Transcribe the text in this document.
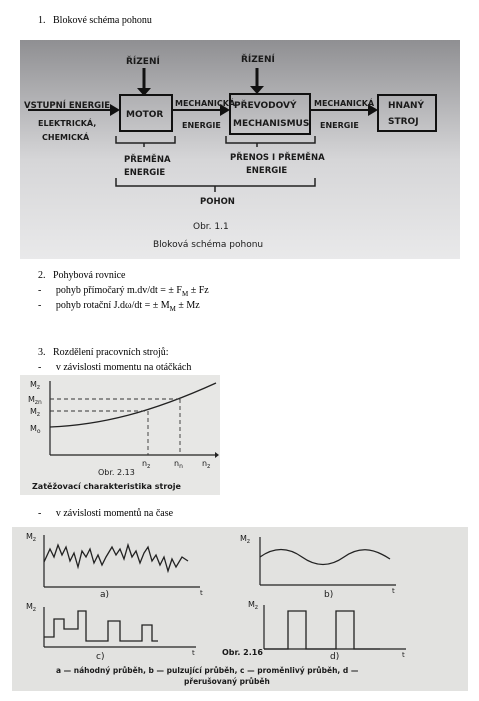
1.   Blokové schéma pohonu
VSTUPNÍ ENERGIE
ELEKTRICKÁ,
CHEMICKÁ
ŘÍZENÍ	ŘÍZENÍ
MOTOR
MECHANICKÁ
ENERGIE
PŘEVODOVÝ
MECHANISMUS
MECHANICKÁ
ENERGIE
HNANÝ
STROJ
PŘEMĚNA
ENERGIE
PŘENOS I PŘEMĚNA
ENERGIE
POHON
Obr. 1.1
Bloková schéma pohonu
2.   Pohybová rovnice
- pohyb přímočarý m.dv/dt = ± $F_M \pm Fz$
- pohyb rotační J.dω/dt = ± $M_M \pm Mz$
3.   Rozdělení pracovních strojů:
- v závislosti momentu na otáčkách
$M_z$
$M_{zn}$
$M_z$
$M_o$
$n_z$	$n_n$ $n_z$
Obr. 2.13
Zatěžovací charakteristika stroje
- v závislosti momentů na čase
$M_z$
a)	t
$M_z$
b)	t
$M_z$
c)	t
$M_z$
d)	t
Obr. 2.16
a — náhodný průběh, b — pulzující průběh, c — proměnlivý průběh, d —
přerušovaný průběh
